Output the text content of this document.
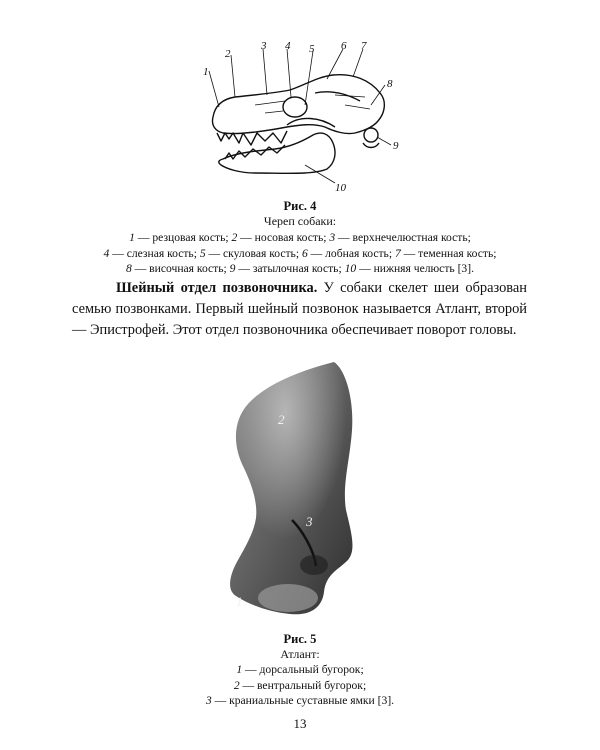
1
2
3 4 5 6 7
8
9
10
Рис. 4
Череп собаки:
1 — резцовая кость; 2 — носовая кость; 3 — верхнечелюстная кость;
4 — слезная кость; 5 — скуловая кость; 6 — лобная кость; 7 — теменная кость;
8 — височная кость; 9 — затылочная кость; 10 — нижняя челюсть [3].
Шейный отдел позвоночника. У собаки скелет шеи образован семью позвонками. Первый шейный позвонок называется Атлант, второй — Эпистрофей. Этот отдел позвоночника обеспечивает поворот головы.
2
3
1
Рис. 5
Атлант:
1 — дорсальный бугорок;
2 — вентральный бугорок;
3 — краниальные суставные ямки [3].
13
